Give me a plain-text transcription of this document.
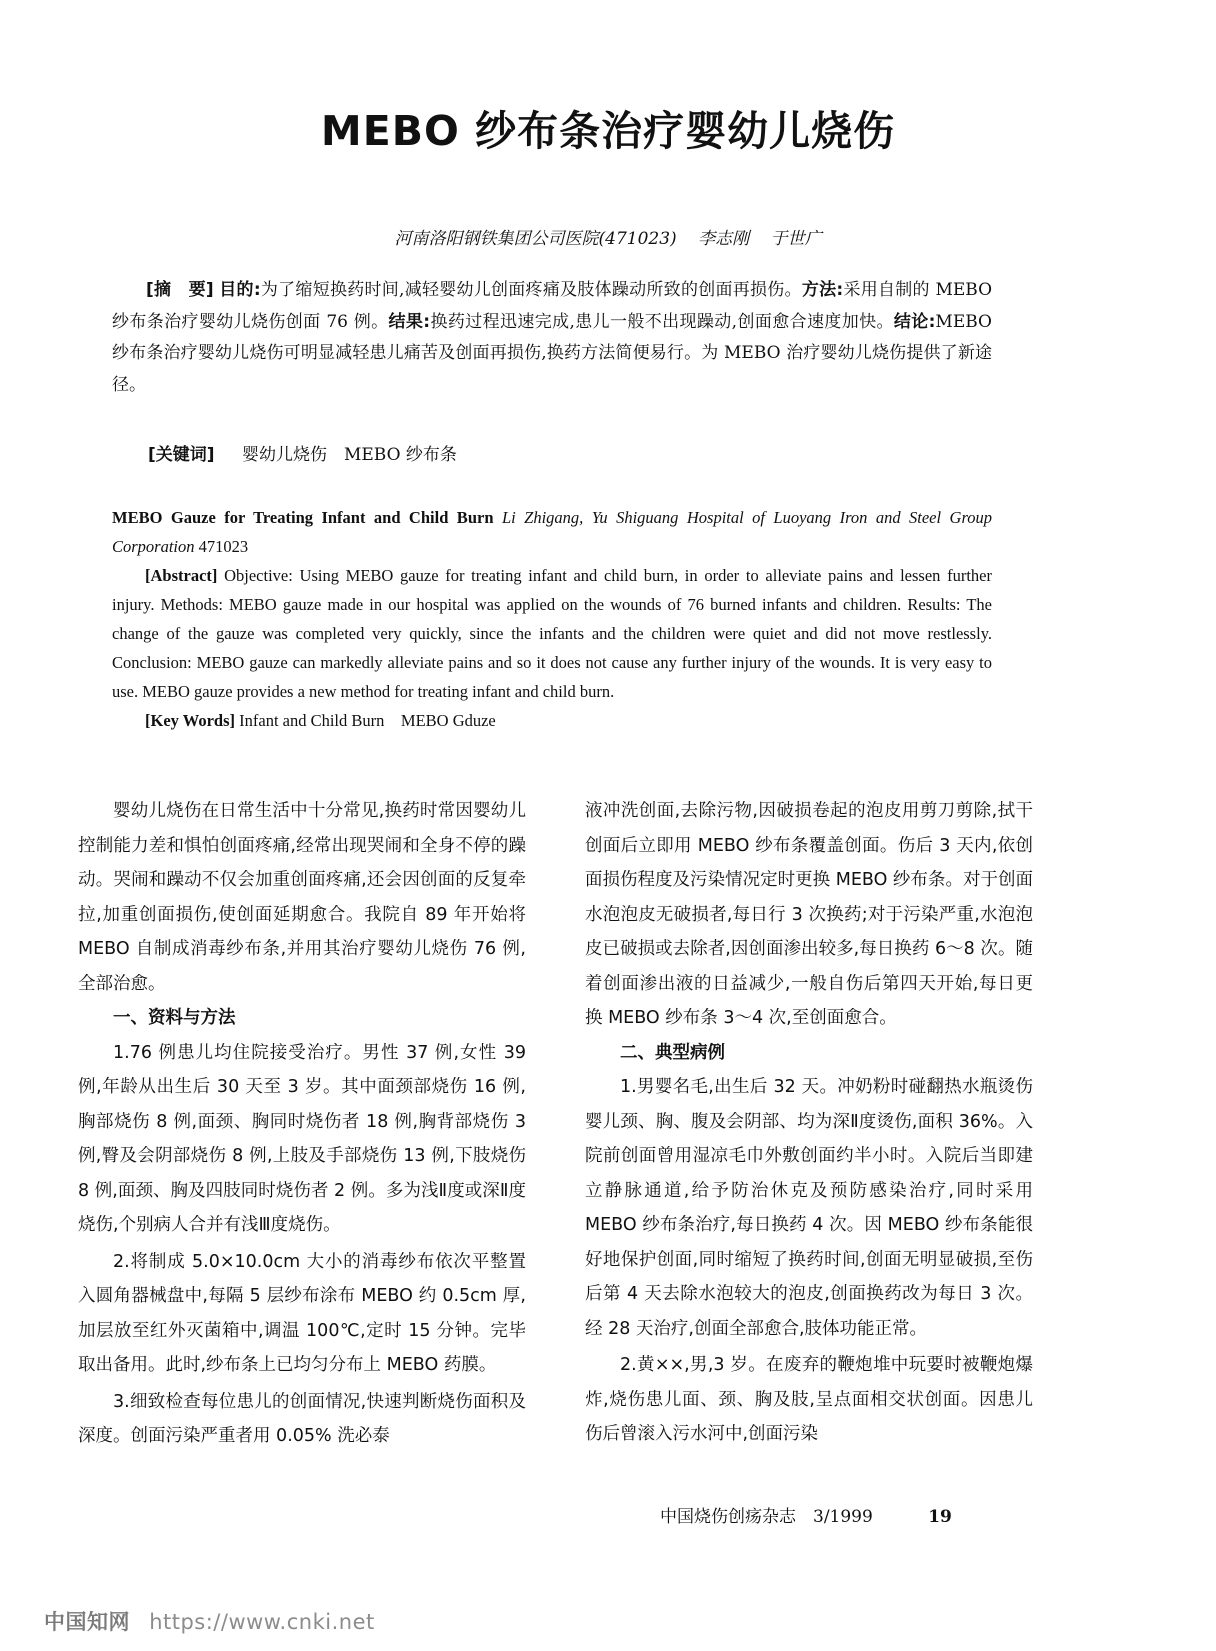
MEBO 纱布条治疗婴幼儿烧伤
河南洛阳钢铁集团公司医院(471023) 李志刚 于世广

[摘　要] 目的:为了缩短换药时间,减轻婴幼儿创面疼痛及肢体躁动所致的创面再损伤。方法:采用自制的 MEBO 纱布条治疗婴幼儿烧伤创面 76 例。结果:换药过程迅速完成,患儿一般不出现躁动,创面愈合速度加快。结论:MEBO 纱布条治疗婴幼儿烧伤可明显减轻患儿痛苦及创面再损伤,换药方法简便易行。为 MEBO 治疗婴幼儿烧伤提供了新途径。

[关键词] 婴幼儿烧伤　MEBO 纱布条

MEBO Gauze for Treating Infant and Child Burn Li Zhigang, Yu Shiguang Hospital of Luoyang Iron and Steel Group Corporation 471023

[Abstract] Objective: Using MEBO gauze for treating infant and child burn, in order to alleviate pains and lessen further injury. Methods: MEBO gauze made in our hospital was applied on the wounds of 76 burned infants and children. Results: The change of the gauze was completed very quickly, since the infants and the children were quiet and did not move restlessly. Conclusion: MEBO gauze can markedly alleviate pains and so it does not cause any further injury of the wounds. It is very easy to use. MEBO gauze provides a new method for treating infant and child burn.

[Key Words] Infant and Child Burn　MEBO Gduze

婴幼儿烧伤在日常生活中十分常见,换药时常因婴幼儿控制能力差和惧怕创面疼痛,经常出现哭闹和全身不停的躁动。哭闹和躁动不仅会加重创面疼痛,还会因创面的反复牵拉,加重创面损伤,使创面延期愈合。我院自 89 年开始将 MEBO 自制成消毒纱布条,并用其治疗婴幼儿烧伤 76 例,全部治愈。

一、资料与方法

1.76 例患儿均住院接受治疗。男性 37 例,女性 39 例,年龄从出生后 30 天至 3 岁。其中面颈部烧伤 16 例,胸部烧伤 8 例,面颈、胸同时烧伤者 18 例,胸背部烧伤 3 例,臀及会阴部烧伤 8 例,上肢及手部烧伤 13 例,下肢烧伤 8 例,面颈、胸及四肢同时烧伤者 2 例。多为浅Ⅱ度或深Ⅱ度烧伤,个别病人合并有浅Ⅲ度烧伤。

2.将制成 5.0×10.0cm 大小的消毒纱布依次平整置入圆角器械盘中,每隔 5 层纱布涂布 MEBO 约 0.5cm 厚,加层放至红外灭菌箱中,调温 100℃,定时 15 分钟。完毕取出备用。此时,纱布条上已均匀分布上 MEBO 药膜。

3.细致检查每位患儿的创面情况,快速判断烧伤面积及深度。创面污染严重者用 0.05% 洗必泰

液冲洗创面,去除污物,因破损卷起的泡皮用剪刀剪除,拭干创面后立即用 MEBO 纱布条覆盖创面。伤后 3 天内,依创面损伤程度及污染情况定时更换 MEBO 纱布条。对于创面水泡泡皮无破损者,每日行 3 次换药;对于污染严重,水泡泡皮已破损或去除者,因创面渗出较多,每日换药 6～8 次。随着创面渗出液的日益减少,一般自伤后第四天开始,每日更换 MEBO 纱布条 3～4 次,至创面愈合。

二、典型病例

1.男婴名毛,出生后 32 天。冲奶粉时碰翻热水瓶烫伤婴儿颈、胸、腹及会阴部、均为深Ⅱ度烫伤,面积 36%。入院前创面曾用湿凉毛巾外敷创面约半小时。入院后当即建立静脉通道,给予防治休克及预防感染治疗,同时采用 MEBO 纱布条治疗,每日换药 4 次。因 MEBO 纱布条能很好地保护创面,同时缩短了换药时间,创面无明显破损,至伤后第 4 天去除水泡较大的泡皮,创面换药改为每日 3 次。经 28 天治疗,创面全部愈合,肢体功能正常。

2.黄××,男,3 岁。在废弃的鞭炮堆中玩要时被鞭炮爆炸,烧伤患儿面、颈、胸及肢,呈点面相交状创面。因患儿伤后曾滚入污水河中,创面污染

中国烧伤创疡杂志　3/1999	19
中国知网 https://www.cnki.net
